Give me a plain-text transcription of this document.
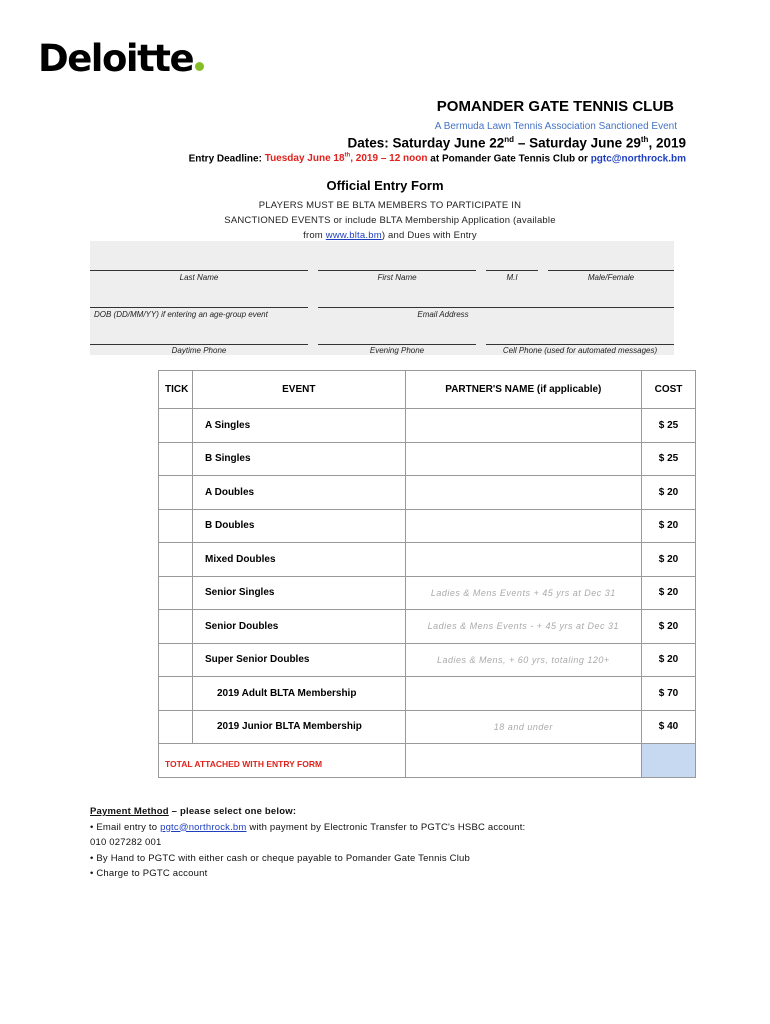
Deloitte
POMANDER GATE TENNIS CLUB
A Bermuda Lawn Tennis Association Sanctioned Event
Dates: Saturday June 22nd – Saturday June 29th, 2019
Entry Deadline: Tuesday June 18th, 2019 – 12 noon at Pomander Gate Tennis Club or pgtc@northrock.bm
Official Entry Form
PLAYERS MUST BE BLTA MEMBERS TO PARTICIPATE IN
SANCTIONED EVENTS or include BLTA Membership Application (available
from www.blta.bm) and Dues with Entry
Last Name	First Name	M.I	Male/Female
DOB (DD/MM/YY) if entering an age-group event	Email Address
Daytime Phone	Evening Phone	Cell Phone (used for automated messages)
TICK	EVENT	PARTNER'S NAME (if applicable)	COST
	A Singles		$ 25
	B Singles		$ 25
	A Doubles		$ 20
	B Doubles		$ 20
	Mixed Doubles		$ 20
	Senior Singles	Ladies & Mens Events + 45 yrs at Dec 31	$ 20
	Senior Doubles	Ladies & Mens Events - + 45 yrs at Dec 31	$ 20
	Super Senior Doubles	Ladies & Mens, + 60 yrs, totaling 120+	$ 20
	2019 Adult BLTA Membership		$ 70
	2019 Junior BLTA Membership	18 and under	$ 40
TOTAL ATTACHED WITH ENTRY FORM			
Payment Method – please select one below:
• Email entry to pgtc@northrock.bm with payment by Electronic Transfer to PGTC's HSBC account:
010 027282 001
• By Hand to PGTC with either cash or cheque payable to Pomander Gate Tennis Club
• Charge to PGTC account
